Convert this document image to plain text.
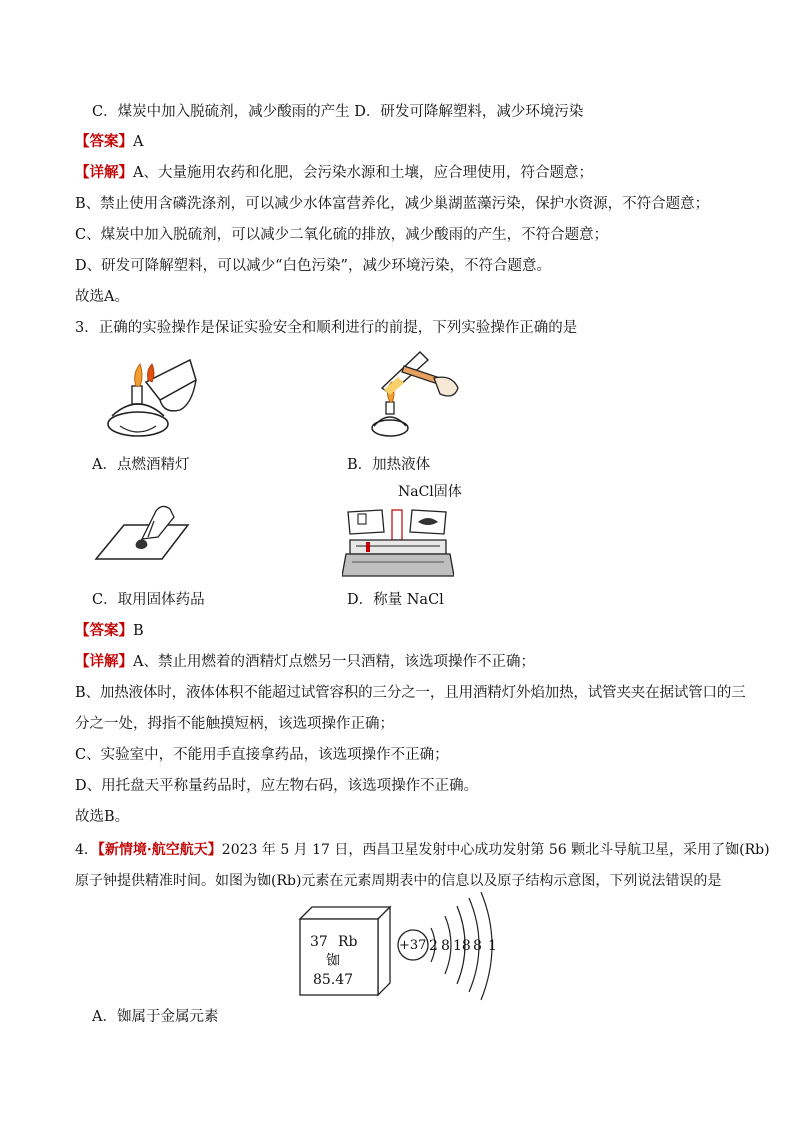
C．煤炭中加入脱硫剂，减少酸雨的产生 D．研发可降解塑料，减少环境污染
【答案】A
【详解】A、大量施用农药和化肥，会污染水源和土壤，应合理使用，符合题意；
B、禁止使用含磷洗涤剂，可以减少水体富营养化，减少巢湖蓝藻污染，保护水资源，不符合题意；
C、煤炭中加入脱硫剂，可以减少二氧化硫的排放，减少酸雨的产生，不符合题意；
D、研发可降解塑料，可以减少“白色污染”，减少环境污染，不符合题意。
故选A。
3．正确的实验操作是保证实验安全和顺利进行的前提，下列实验操作正确的是
A．点燃酒精灯	B．加热液体
C．取用固体药品
NaCl固体
D．称量 NaCl
【答案】B
【详解】A、禁止用燃着的酒精灯点燃另一只酒精，该选项操作不正确；
B、加热液体时，液体体积不能超过试管容积的三分之一，且用酒精灯外焰加热，试管夹夹在据试管口的三
分之一处，拇指不能触摸短柄，该选项操作正确；
C、实验室中，不能用手直接拿药品，该选项操作不正确；
D、用托盘天平称量药品时，应左物右码，该选项操作不正确。
故选B。
4．【新情境·航空航天】2023 年 5 月 17 日，西昌卫星发射中心成功发射第 56 颗北斗导航卫星，采用了铷(Rb)
原子钟提供精准时间。如图为铷(Rb)元素在元素周期表中的信息以及原子结构示意图，下列说法错误的是
37 Rb
铷
85.47
+37 2 8 18 8 1
A．铷属于金属元素
